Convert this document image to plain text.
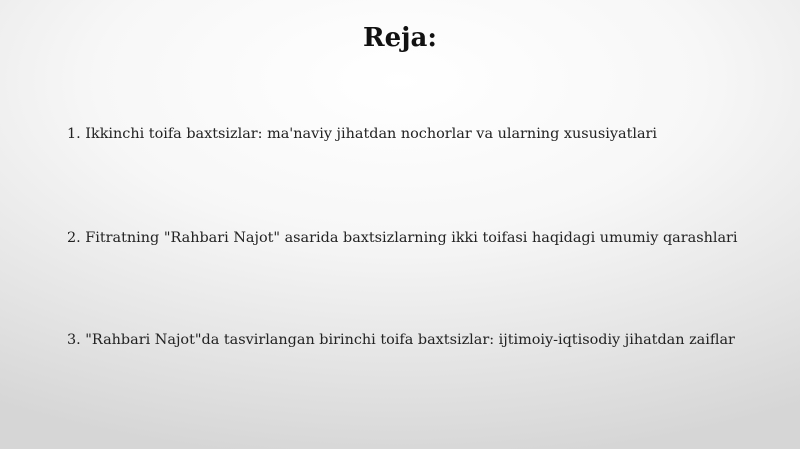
Reja:
1. Ikkinchi toifa baxtsizlar: ma'naviy jihatdan nochorlar va ularning xususiyatlari
2. Fitratning "Rahbari Najot" asarida baxtsizlarning ikki toifasi haqidagi umumiy qarashlari
3. "Rahbari Najot"da tasvirlangan birinchi toifa baxtsizlar: ijtimoiy-iqtisodiy jihatdan zaiflar
